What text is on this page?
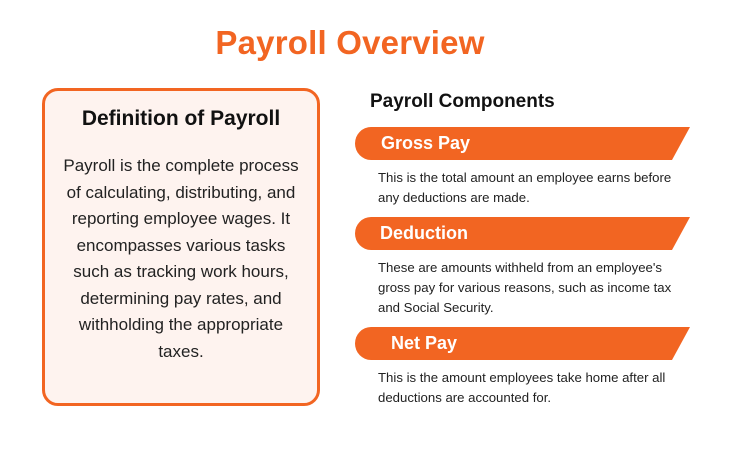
Payroll Overview
Definition of Payroll
Payroll is the complete process of calculating, distributing, and reporting employee wages. It encompasses various tasks such as tracking work hours, determining pay rates, and withholding the appropriate taxes.
Payroll Components
Gross Pay
This is the total amount an employee earns before any deductions are made.
Deduction
These are amounts withheld from an employee's gross pay for various reasons, such as income tax and Social Security.
Net Pay
This is the amount employees take home after all deductions are accounted for.
